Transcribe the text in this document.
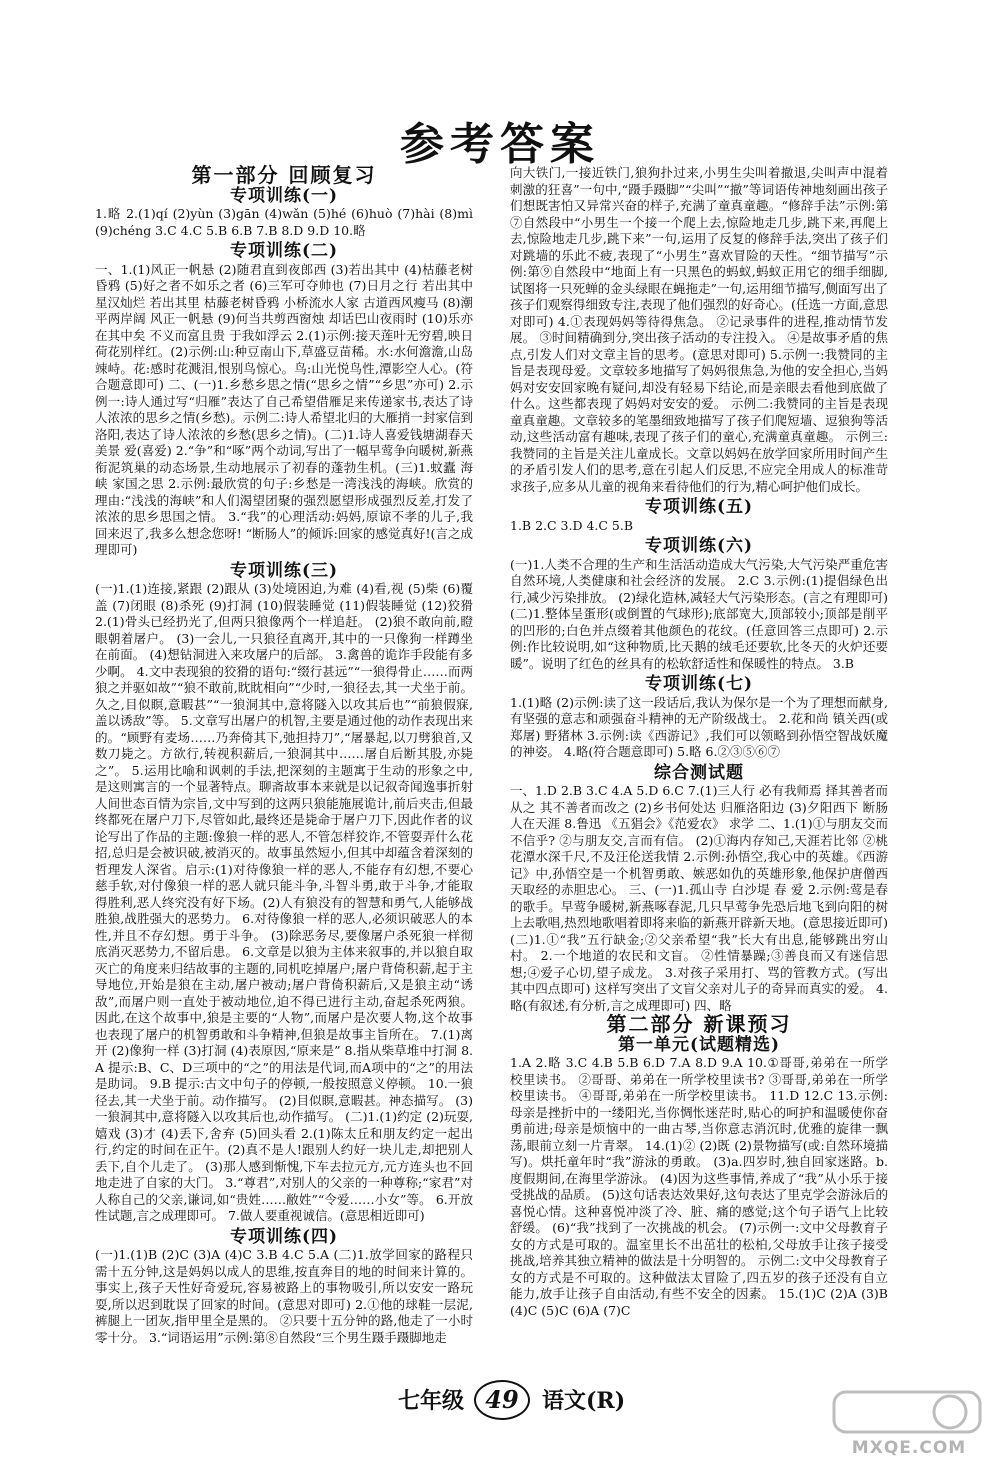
参考答案
第一部分 回顾复习
专项训练(一)

1.略 2.(1)qí (2)yùn (3)gān (4)wǎn (5)hé (6)huò (7)hài (8)mì (9)chéng 3.C 4.C 5.B 6.B 7.B 8.D 9.D 10.略

专项训练(二)

一、1.(1)风正一帆悬 (2)随君直到夜郎西 (3)若出其中 (4)枯藤老树昏鸦 (5)好之者不如乐之者 (6)三军可夺帅也 (7)日月之行 若出其中 星汉灿烂 若出其里 枯藤老树昏鸦 小桥流水人家 古道西风瘦马 (8)潮平两岸阔 风正一帆悬 (9)何当共剪西窗烛 却话巴山夜雨时 (10)乐亦在其中矣 不义而富且贵 于我如浮云 2.(1)示例:接天莲叶无穷碧,映日荷花别样红。(2)示例:山:种豆南山下,草盛豆苗稀。水:水何澹澹,山岛竦峙。花:感时花溅泪,恨别鸟惊心。鸟:山光悦鸟性,潭影空人心。(符合题意即可) 二、(一)1.乡愁乡思之情(“思乡之情”“乡思”亦可) 2.示例一:诗人通过写“归雁”表达了自己希望借雁足来传递家书,表达了诗人浓浓的思乡之情(乡愁)。示例二:诗人希望北归的大雁捎一封家信到洛阳,表达了诗人浓浓的乡愁(思乡之情)。(二)1.诗人喜爱钱塘湖春天美景 爱(喜爱) 2.“争”和“啄”两个动词,写出了一幅早莺争向暖树,新燕衔泥筑巢的动态场景,生动地展示了初春的蓬勃生机。(三)1.蚊蠹 海峡 家国之思 2.示例:最欣赏的句子:乡愁是一湾浅浅的海峡。欣赏的理由:“浅浅的海峡”和人们渴望团聚的强烈愿望形成强烈反差,打发了浓浓的思乡思国之情。 3.“我”的心理活动:妈妈,原谅不孝的儿子,我回来迟了,我多么想念您呀! “断肠人”的倾诉:回家的感觉真好!(言之成理即可)

专项训练(三)

(一)1.(1)连接,紧跟 (2)跟从 (3)处境困迫,为难 (4)看,视 (5)柴 (6)覆盖 (7)闭眼 (8)杀死 (9)打洞 (10)假装睡觉 (11)假装睡觉 (12)狡猾 2.(1)骨头已经扔光了,但两只狼像两个一样追赶。 (2)狼不敢向前,瞪眼朝着屠户。 (3)一会儿,一只狼径直离开,其中的一只像狗一样蹲坐在前面。 (4)想钻洞进入来攻屠户的后部。 3.禽兽的诡诈手段能有多少啊。 4.文中表现狼的狡猾的语句:“缀行甚远”“一狼得骨止……而两狼之并驱如故”“狼不敢前,眈眈相向”“少时,一狼径去,其一犬坐于前。久之,目似瞑,意暇甚”“一狼洞其中,意将隧入以攻其后也”“前狼假寐,盖以诱敌”等。 5.文章写出屠户的机智,主要是通过他的动作表现出来的。“顾野有麦场……乃奔倚其下,弛担持刀”,“屠暴起,以刀劈狼首,又数刀毙之。方欲行,转视积薪后,一狼洞其中……屠自后断其股,亦毙之”。 5.运用比喻和讽刺的手法,把深刻的主题寓于生动的形象之中,是这则寓言的一个显著特点。聊斋故事本来就是以记叙奇闻逸事折射人间世态百情为宗旨,文中写到的这两只狼能施展诡计,前后夹击,但最终都死在屠户刀下,尽管如此,最终还是毙命于屠户刀下,因此作者的议论写出了作品的主题:像狼一样的恶人,不管怎样狡诈,不管耍弄什么花招,总归是会被识破,被消灭的。故事虽然短小,但其中却蕴含着深刻的哲理发人深省。启示:(1)对待像狼一样的恶人,不能存有幻想,不要心慈手软,对付像狼一样的恶人就只能斗争,斗智斗勇,敢于斗争,才能取得胜利,恶人终究没有好下场。(2)人有狼没有的智慧和勇气,人能够战胜狼,战胜强大的恶势力。 6.对待像狼一样的恶人,必须识破恶人的本性,并且不存幻想。勇于斗争。 (3)除恶务尽,要像屠户杀死狼一样彻底消灭恶势力,不留后患。 6.文章是以狼为主体来叙事的,并以狼自取灭亡的角度来归结故事的主题的,同机吃掉屠户;屠户背倚积薪,起于主导地位,开始是狼在主动,屠户被动;屠户背倚积薪后,又是狼主动“诱敌”,而屠户则一直处于被动地位,迫不得已进行主动,奋起杀死两狼。因此,在这个故事中,狼是主要的“人物”,而屠户是次要人物,这个故事也表现了屠户的机智勇敢和斗争精神,但狼是故事主旨所在。 7.(1)离开 (2)像狗一样 (3)打洞 (4)表原因,“原来是” 8.指从柴草堆中打洞 8.A 提示:B、C、D三项中的“之”的用法是代词,而A项中的“之”的用法是助词。 9.B 提示:古文中句子的停顿,一般按照意义停顿。 10.一狼径去,其一犬坐于前。动作描写。 (2)目似瞑,意暇甚。神态描写。 (3)一狼洞其中,意将隧入以攻其后也,动作描写。 (二)1.(1)约定 (2)玩耍,嬉戏 (3)才 (4)丢下,舍弃 (5)回头看 2.(1)陈太丘和朋友约定一起出行,约定的时间在正午。(2)真不是人!跟别人约好一块儿走,却把别人丢下,自个儿走了。 (3)那人感到惭愧,下车去拉元方,元方连头也不回地走进了自家的大门。 3.“尊君”,对别人的父亲的一种尊称;“家君”对人称自己的父亲,谦词,如“贵姓……敝姓”“令爱……小女”等。 6.开放性试题,言之成理即可。 7.做人要重视诚信。(意思相近即可)

专项训练(四)

(一)1.(1)B (2)C (3)A (4)C 3.B 4.C 5.A (二)1.放学回家的路程只需十五分钟,这是妈妈以成人的思维,按直奔目的地的时间来计算的。事实上,孩子天性好奇爱玩,容易被路上的事物吸引,所以安安一路玩耍,所以迟到耽误了回家的时间。(意思对即可) 2.①他的球鞋一层泥,裤腿上一团灰,指甲里全是黑的。 ②只要十五分钟的路,他走了一小时零十分。 3.“词语运用”示例:第⑧自然段“三个男生蹑手蹑脚地走

向大铁门,一接近铁门,狼狗扑过来,小男生尖叫着撤退,尖叫声中混着刺激的狂喜”一句中,“蹑手蹑脚”“尖叫”“撤”等词语传神地刻画出孩子们想既害怕又异常兴奋的样子,充满了童真童趣。“修辞手法”示例:第⑦自然段中“小男生一个接一个爬上去,惊险地走几步,跳下来,再爬上去,惊险地走几步,跳下来”一句,运用了反复的修辞手法,突出了孩子们对跳墙的乐此不疲,表现了“小男生”喜欢冒险的天性。“细节描写”示例:第⑨自然段中“地面上有一只黑色的蚂蚁,蚂蚁正用它的细手细脚,试图将一只死蝉的金头绿眼在蝇拖走”一句,运用细节描写,侧面写出了孩子们观察得细致专注,表现了他们强烈的好奇心。(任选一方面,意思对即可) 4.①表现妈妈等待得焦急。 ②记录事件的进程,推动情节发展。 ③时间精确到分,突出孩子活动的专注投入。 ④是故事矛盾的焦点,引发人们对文章主旨的思考。(意思对即可) 5.示例一:我赞同的主旨是表现母爱。文章较多地描写了妈妈很焦急,为他的安全担心,当妈妈对安安回家晚有疑问,却没有轻易下结论,而是亲眼去看他到底做了什么。这些都表现了妈妈对安安的爱。 示例二:我赞同的主旨是表现童真童趣。文章较多的笔墨细致地描写了孩子们爬短墙、逗狼狗等活动,这些活动富有趣味,表现了孩子们的童心,充满童真童趣。 示例三:我赞同的主旨是关注儿童成长。文章以妈妈在放学回家所用时间产生的矛盾引发人们的思考,意在引起人们反思,不应完全用成人的标准苛求孩子,应多从儿童的视角来看待他们的行为,精心呵护他们成长。

专项训练(五)

1.B 2.C 3.D 4.C 5.B

专项训练(六)

(一)1.人类不合理的生产和生活活动造成大气污染,大气污染严重危害自然环境,人类健康和社会经济的发展。 2.C 3.示例:(1)提倡绿色出行,减少污染排放。 (2)绿化造林,减轻大气污染形态。(言之有理即可) (二)1.整体呈蛋形(或倒置的气球形);底部宽大,顶部较小;顶部是削平的凹形的;白色并点缀着其他颜色的花纹。(任意回答三点即可) 2.示例:作比较说明,如“这种物质,比天鹅的绒毛还要软,比冬天的火炉还要暖”。说明了红色的丝具有的松软舒适性和保暖性的特点。 3.B

专项训练(七)

1.(1)略 (2)示例:读了这一段话后,我认为保尔是一个为了理想而献身,有坚强的意志和顽强奋斗精神的无产阶级战士。 2.花和尚 镇关西(或郑屠) 野猪林 3.示例:读《西游记》,我们可以领略到孙悟空智战妖魔的神姿。 4.略(符合题意即可) 5.略 6.②③⑤⑥⑦

综合测试题

一、1.D 2.B 3.C 4.A 5.D 6.C 7.(1)三人行 必有我师焉 择其善者而从之 其不善者而改之 (2)乡书何处达 归雁洛阳边 (3)夕阳西下 断肠人在天涯 8.鲁迅 《五猖会》《范爱农》 求学 二、1.(1)①与朋友交而不信乎? ②与朋友交,言而有信。 (2)①海内存知己,天涯若比邻 ②桃花潭水深千尺,不及汪伦送我情 2.示例:孙悟空,我心中的英雄。《西游记》中,孙悟空是一个机智勇敢、嫉恶如仇的英雄形象,他保护唐僧西天取经的赤胆忠心。 三、(一)1.孤山寺 白沙堤 春 爱 2.示例:莺是春的歌手。早莺争暖树,新燕啄春泥,几只早莺争先恐后地飞到向阳的树上去歌唱,热烈地歌唱着即将来临的新燕开辟新天地。(意思接近即可) (二)1.①“我”五行缺金;②父亲希望“我”长大有出息,能够跳出穷山村。 2.一个地道的农民和文盲。 ②性情暴躁;③善良而又有迷信思想;④爱子心切,望子成龙。 3.对孩子采用打、骂的管教方式。(写出其中四点即可) 这样写突出了文盲父亲对儿子的奇异而真实的爱。 4.略(有叙述,有分析,言之成理即可) 四、略

第二部分 新课预习
第一单元(试题精选)

1.A 2.略 3.C 4.B 5.B 6.D 7.A 8.D 9.A 10.①哥哥,弟弟在一所学校里读书。 ②哥哥、弟弟在一所学校里读书? ③哥哥,弟弟在一所学校里读书。 ④哥哥,弟弟在一所学校里读书。 11.D 12.C 13.示例:母亲是挫折中的一缕阳光,当你惆怅迷茫时,贴心的呵护和温暖使你奋勇前进;母亲是烦恼中的一曲古琴,当你意志消沉时,优雅的旋律一飘荡,眼前立刻一片青翠。 14.(1)② (2)既 (2)景物描写(或:自然环境描写)。烘托童年时“我”游泳的勇敢。 (3)a.四岁时,独自回家迷路。b.度假期间,在海里学游泳。 (4)因为这些事情,养成了“我”从小乐于接受挑战的品质。 (5)这句话表达效果好,这句表达了里克学会游泳后的喜悦心情。这种喜悦冲淡了冷、脏、痛的感觉;这个句子语气上比较舒缓。 (6)“我”找到了一次挑战的机会。 (7)示例一:文中父母教育子女的方式是可取的。温室里长不出茁壮的松柏,父母放手让孩子接受挑战,培养其独立精神的做法是十分明智的。 示例二:文中父母教育子女的方式是不可取的。这种做法太冒险了,四五岁的孩子还没有自立能力,放手让孩子自由活动,有些不安全的因素。 15.(1)C (2)A (3)B (4)C (5)C (6)A (7)C

七年级 49	语文(R)
MXQE.COM
